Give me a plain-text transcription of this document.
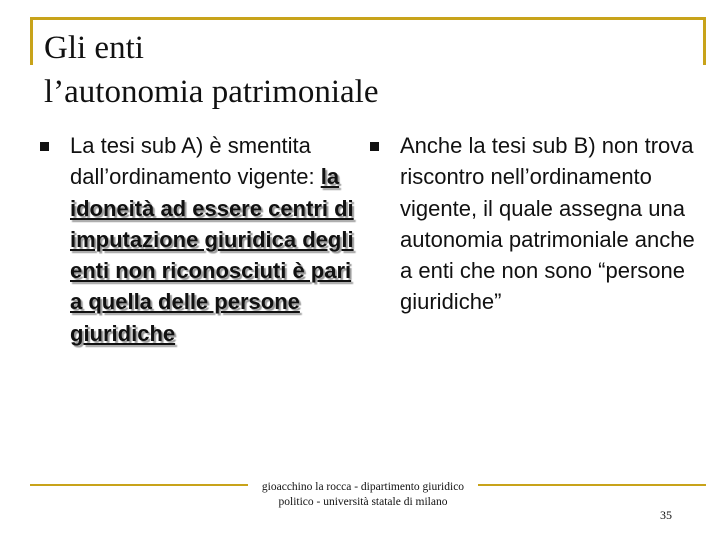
Gli enti
l’autonomia patrimoniale
La tesi sub A) è smentita dall’ordinamento vigente: la idoneità ad essere centri di imputazione giuridica degli enti non riconosciuti è pari a quella delle persone giuridiche
Anche la tesi sub B) non trova riscontro nell’ordinamento vigente, il quale assegna una autonomia patrimoniale anche a enti che non sono “persone giuridiche”
gioacchino la rocca - dipartimento giuridico politico - università statale di milano
35
